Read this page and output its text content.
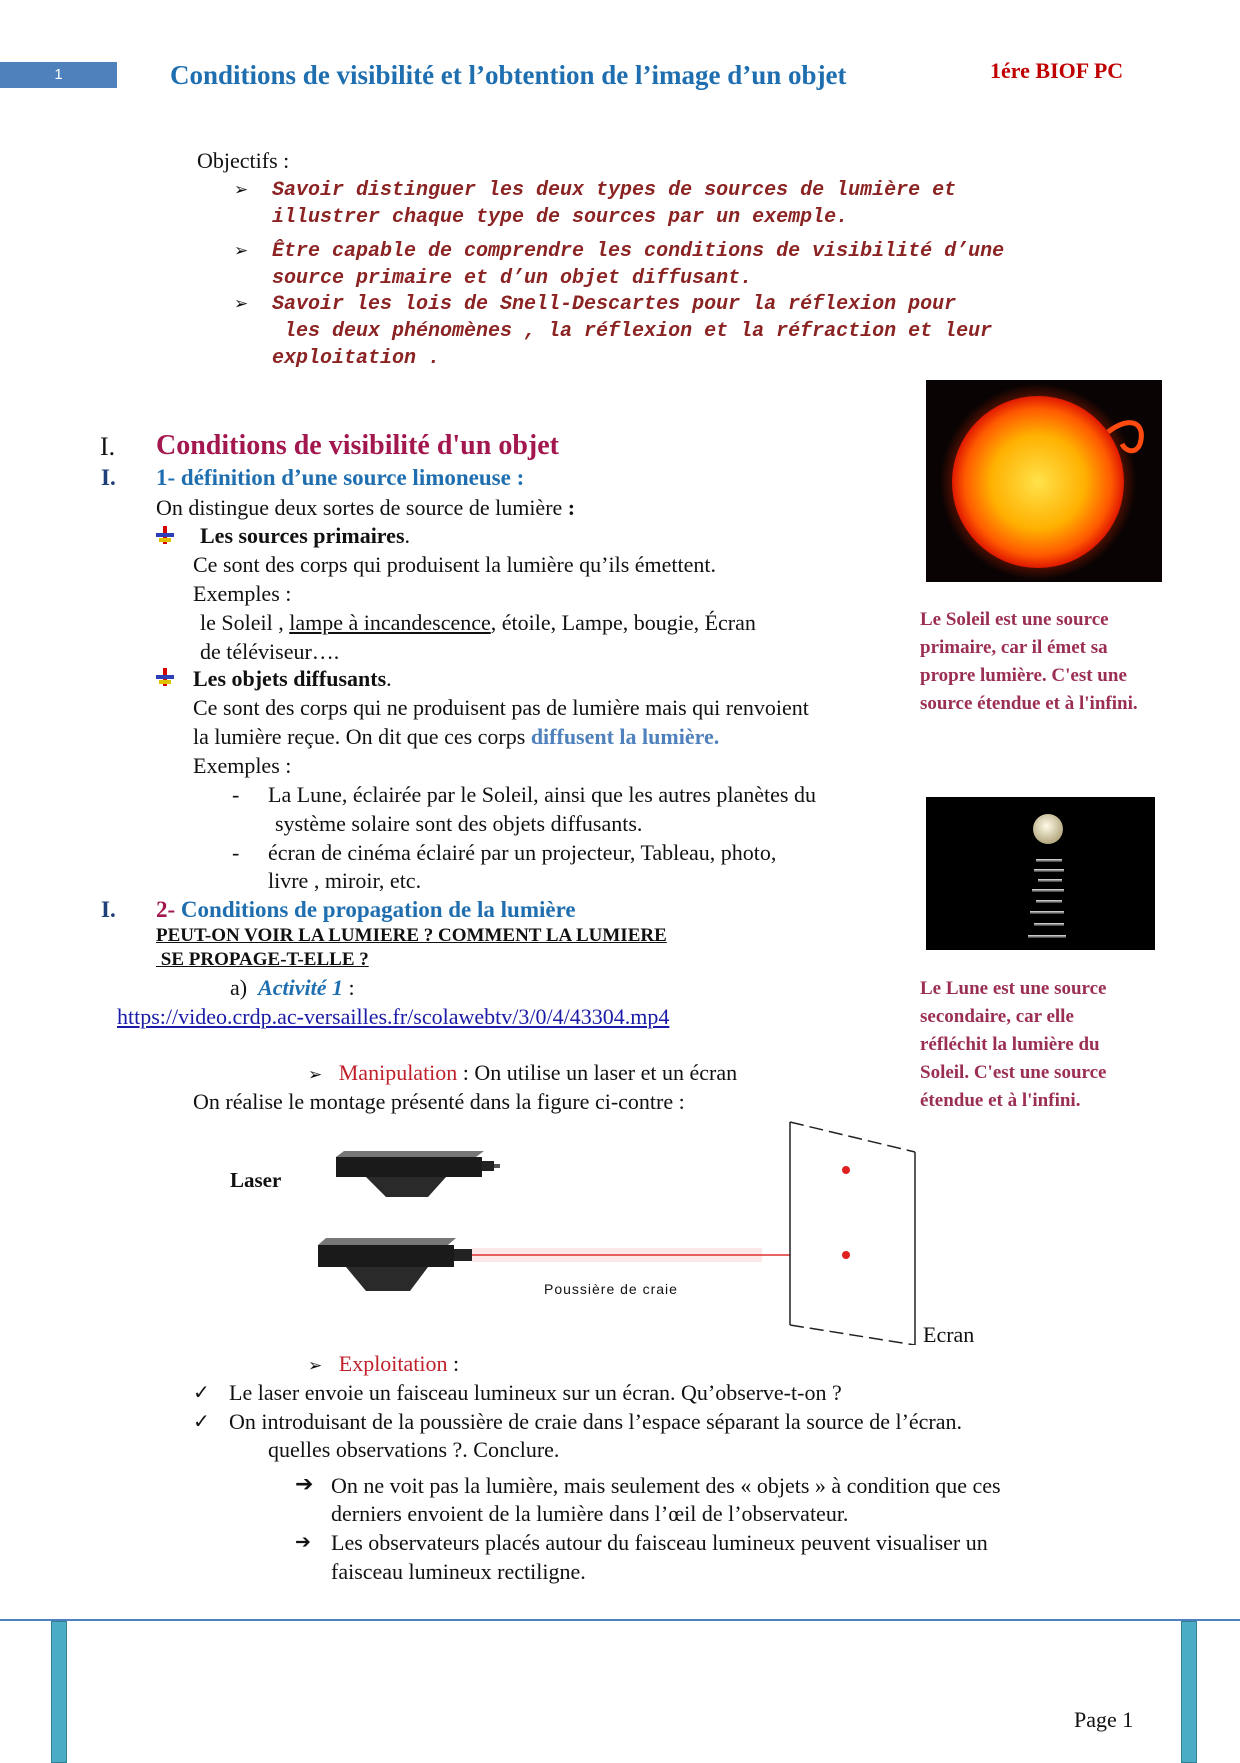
1	Conditions de visibilité et l’obtention de l’image d’un objet	1ére BIOF PC
Objectifs :
➢ Savoir distinguer les deux types de sources de lumière et
illustrer chaque type de sources par un exemple.
➢ Être capable de comprendre les conditions de visibilité d’une
source primaire et d’un objet diffusant.
➢ Savoir les lois de Snell-Descartes pour la réflexion pour
les deux phénomènes , la réflexion et la réfraction et leur
exploitation .
Le Soleil est une source
primaire, car il émet sa
propre lumière. C'est une
source étendue et à l'infini.
Le Lune est une source
secondaire, car elle
réfléchit la lumière du
Soleil. C'est une source
étendue et à l'infini.
I. Conditions de visibilité d'un objet
I. 1- définition d’une source limoneuse :
On distingue deux sortes de source de lumière :
Les sources primaires.
Ce sont des corps qui produisent la lumière qu’ils émettent.
Exemples :
le Soleil , lampe à incandescence, étoile, Lampe, bougie, Écran
de téléviseur….
Les objets diffusants.
Ce sont des corps qui ne produisent pas de lumière mais qui renvoient
la lumière reçue. On dit que ces corps diffusent la lumière.
Exemples :
- La Lune, éclairée par le Soleil, ainsi que les autres planètes du
système solaire sont des objets diffusants.
- écran de cinéma éclairé par un projecteur, Tableau, photo,
livre , miroir, etc.
I. 2- Conditions de propagation de la lumière
PEUT-ON VOIR LA LUMIERE ? COMMENT LA LUMIERE
SE PROPAGE-T-ELLE ?
a) Activité 1 :
https://video.crdp.ac-versailles.fr/scolawebtv/3/0/4/43304.mp4
➢ Manipulation : On utilise un laser et un écran
On réalise le montage présenté dans la figure ci-contre :
Laser
Poussière de craie
Ecran
➢ Exploitation :
✓ Le laser envoie un faisceau lumineux sur un écran. Qu’observe-t-on ?
✓ On introduisant de la poussière de craie dans l’espace séparant la source de l’écran.
quelles observations ?. Conclure.
➔ On ne voit pas la lumière, mais seulement des « objets » à condition que ces
derniers envoient de la lumière dans l’œil de l’observateur.
➔ Les observateurs placés autour du faisceau lumineux peuvent visualiser un
faisceau lumineux rectiligne.
Page 1
